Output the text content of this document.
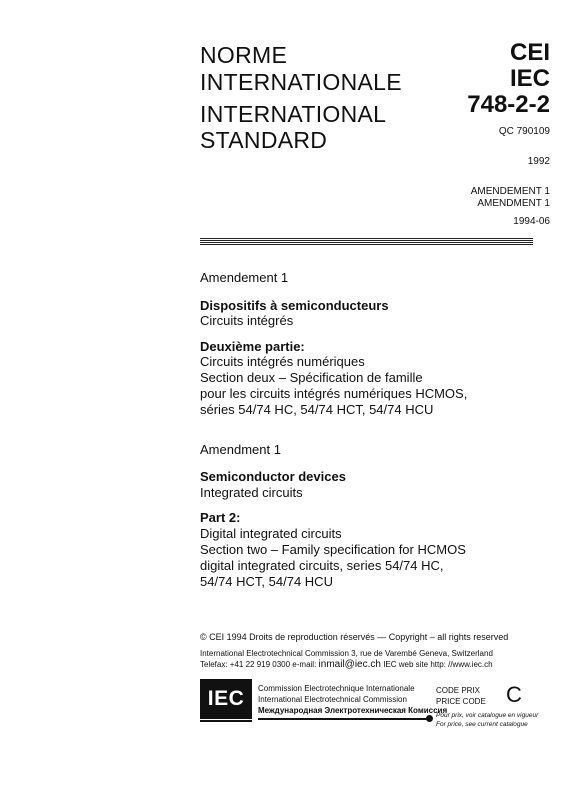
NORME
INTERNATIONALE
INTERNATIONAL
STANDARD
CEI
IEC
748-2-2
QC 790109
1992
AMENDEMENT 1
AMENDMENT 1
1994-06
Amendement 1
Dispositifs à semiconducteurs
Circuits intégrés
Deuxième partie:
Circuits intégrés numériques
Section deux – Spécification de famille
pour les circuits intégrés numériques HCMOS,
séries 54/74 HC, 54/74 HCT, 54/74 HCU
Amendment 1
Semiconductor devices
Integrated circuits
Part 2:
Digital integrated circuits
Section two – Family specification for HCMOS
digital integrated circuits, series 54/74 HC,
54/74 HCT, 54/74 HCU
© CEI 1994 Droits de reproduction réservés — Copyright – all rights reserved
International Electrotechnical Commission 3, rue de Varembé Geneva, Switzerland
Telefax: +41 22 919 0300 e-mail: inmail@iec.ch IEC web site http: //www.iec.ch
IEC	Commission Electrotechnique Internationale
International Electrotechnical Commission
Международная Электротехническая Комиссия
CODE PRIX
PRICE CODE C
Pour prix, voir catalogue en vigueur
For price, see current catalogue
